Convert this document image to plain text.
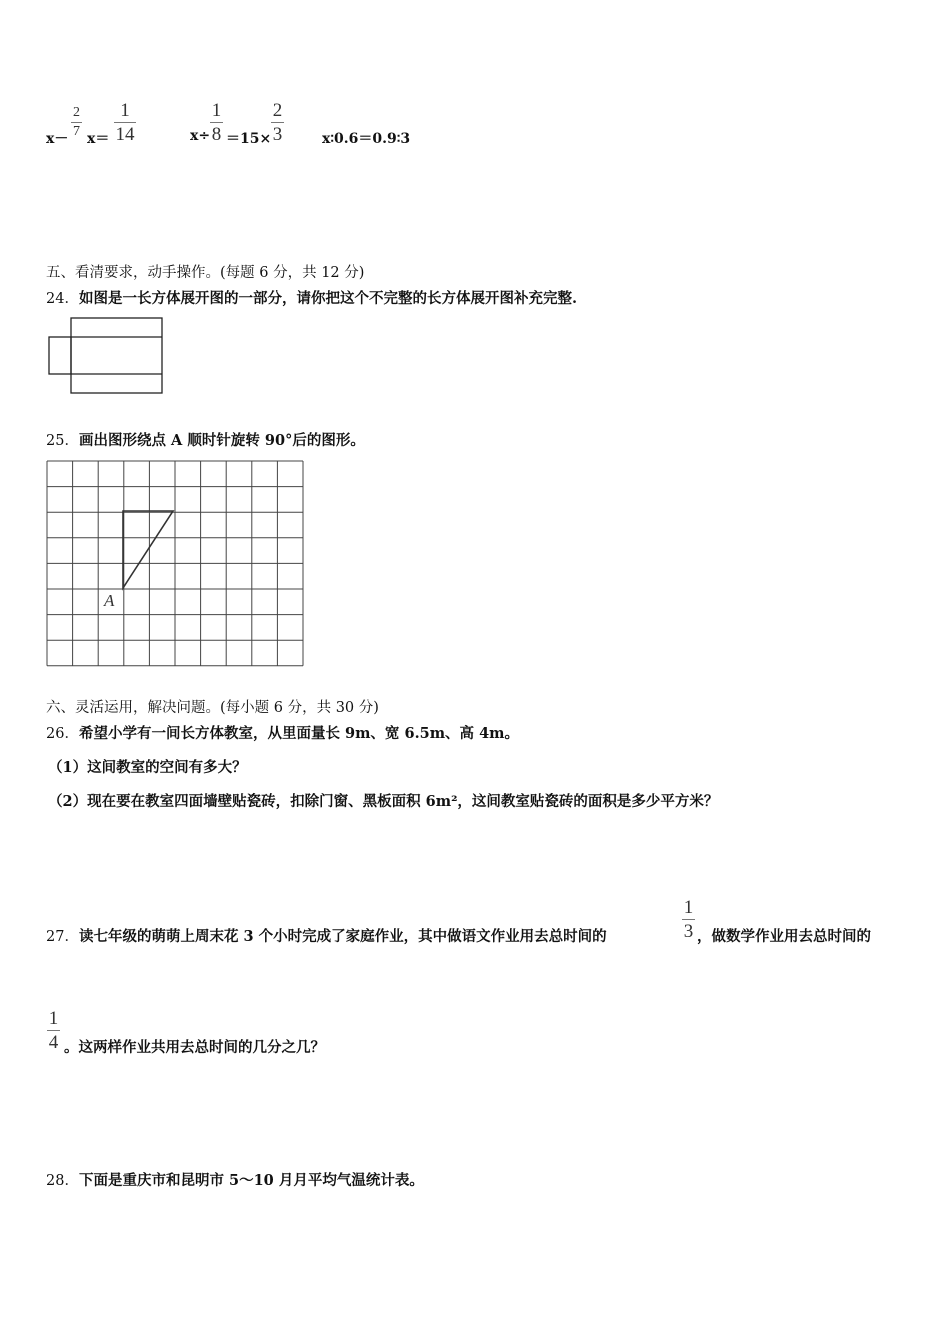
x－
2
7 x＝
1
14	x÷
1
8 ＝15×
2
3	x∶0.6＝0.9∶3
五、看清要求，动手操作。(每题 6 分，共 12 分)
24．如图是一长方体展开图的一部分，请你把这个不完整的长方体展开图补充完整.
25．画出图形绕点 A 顺时针旋转 90°后的图形。
A
六、灵活运用，解决问题。(每小题 6 分，共 30 分)
26．希望小学有一间长方体教室，从里面量长 9m、宽 6.5m、高 4m。
（1）这间教室的空间有多大？
（2）现在要在教室四面墙壁贴瓷砖，扣除门窗、黑板面积 6m²，这间教室贴瓷砖的面积是多少平方米？
27．读七年级的萌萌上周末花 3 个小时完成了家庭作业，其中做语文作业用去总时间的
1
3 ，做数学作业用去总时间的
1
4 。这两样作业共用去总时间的几分之几？
28．下面是重庆市和昆明市 5～10 月月平均气温统计表。
